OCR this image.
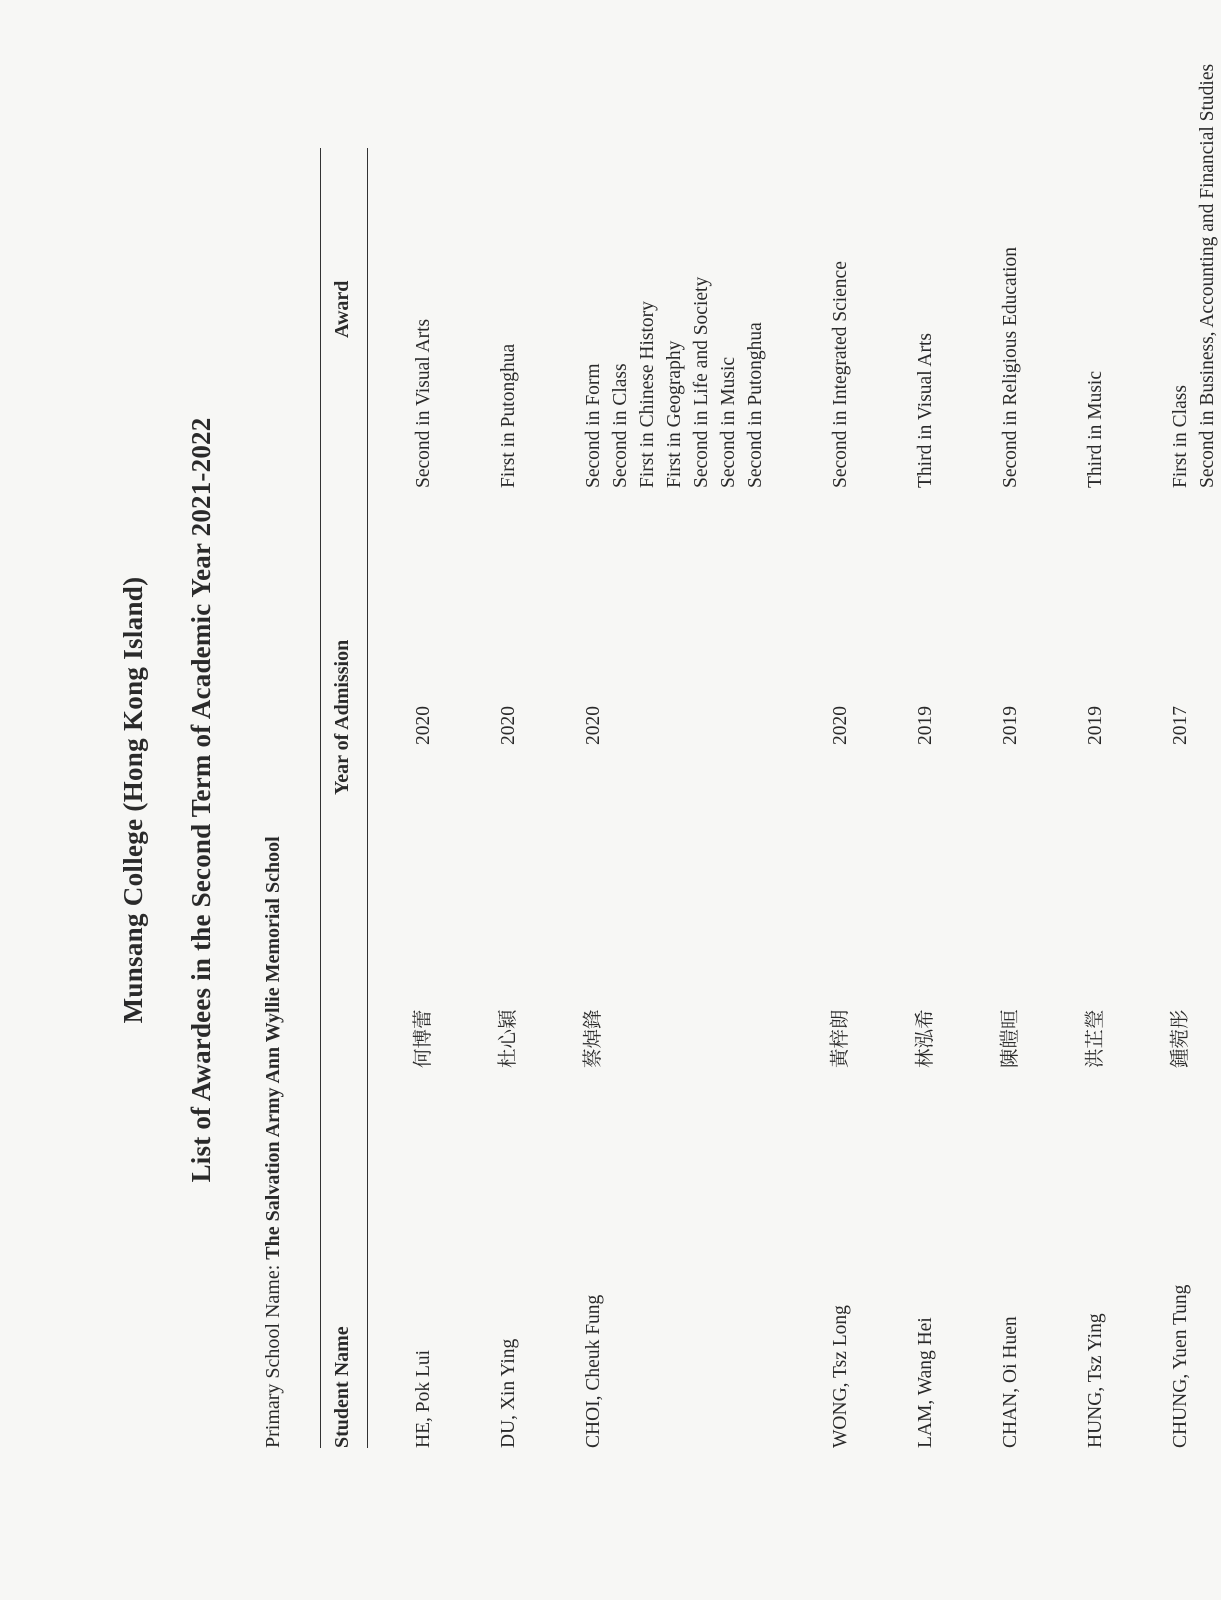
Munsang College (Hong Kong Island) List of Awardees in the Second Term of Academic Year 2021-2022
Primary School Name: The Salvation Army Ann Wyllie Memorial School
Student Name
Year of Admission
Award
HE, Pok Lui
何博蕾
2020
Second in Visual Arts
DU, Xin Ying
杜心穎
2020
First in Putonghua
CHOI, Cheuk Fung
蔡焯鋒
2020
Second in Form Second in Class First in Chinese History First in Geography Second in Life and Society Second in Music Second in Putonghua
WONG, Tsz Long
黃梓朗
2020
Second in Integrated Science
LAM, Wang Hei
林泓希
2019
Third in Visual Arts
CHAN, Oi Huen
陳皚晅
2019
Second in Religious Education
HUNG, Tsz Ying
洪芷瑩
2019
Third in Music
CHUNG, Yuen Tung
鍾菀彤
2017
First in Class Second in Business, Accounting and Financial Studies
